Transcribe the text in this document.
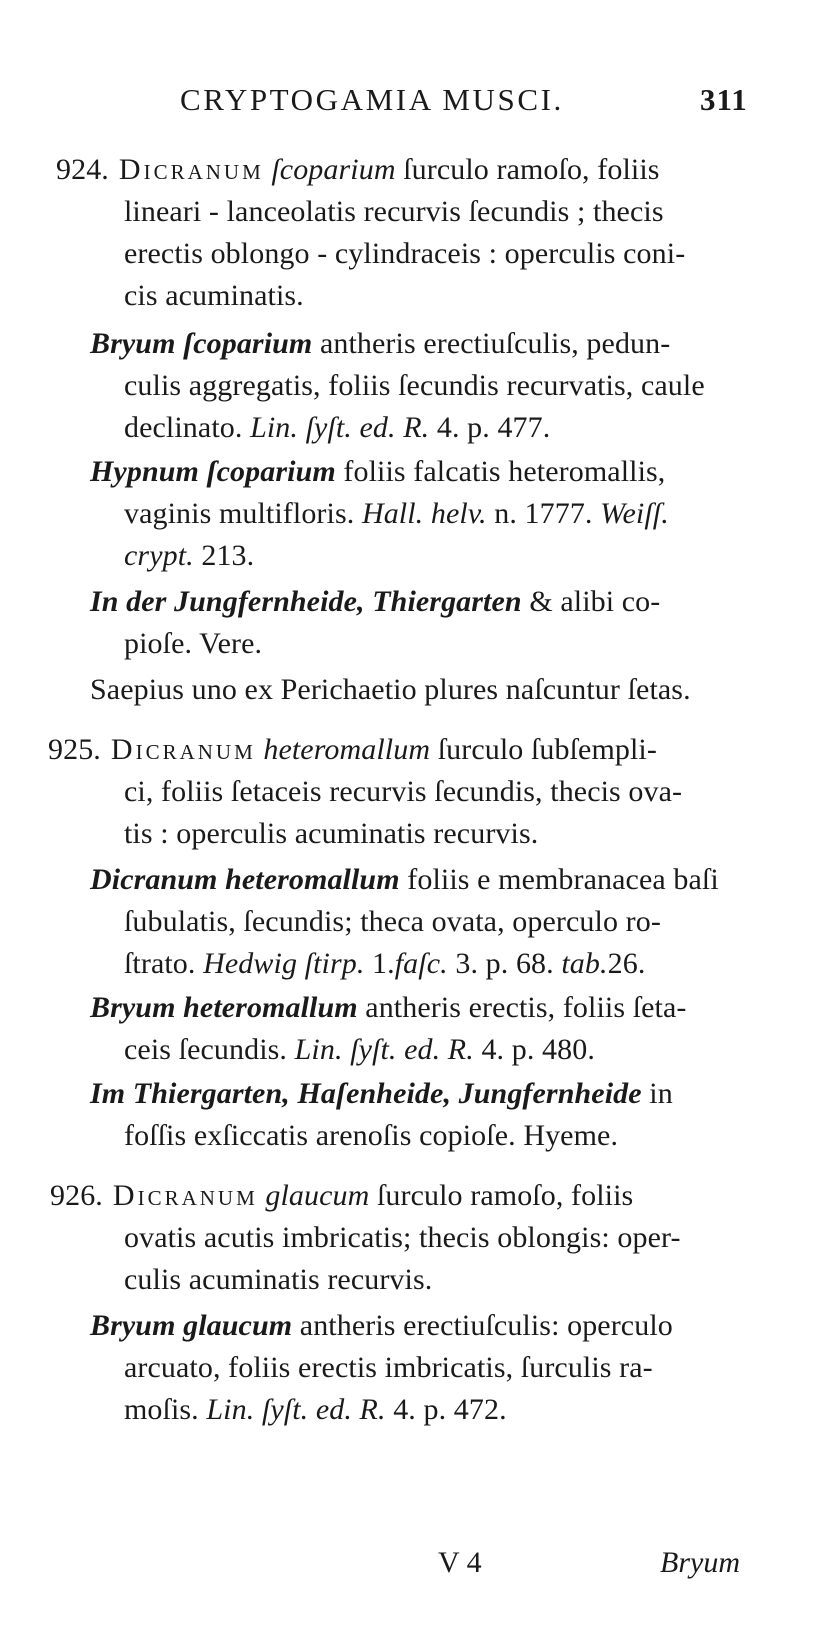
CRYPTOGAMIA MUSCI.	311
924. Dicranum ſcoparium ſurculo ramoſo, foliis
lineari - lanceolatis recurvis ſecundis ; thecis
erectis oblongo - cylindraceis : operculis coni-
cis acuminatis.
Bryum ſcoparium antheris erectiuſculis, pedun-
culis aggregatis, foliis ſecundis recurvatis, caule
declinato. Lin. ſyſt. ed. R. 4. p. 477.
Hypnum ſcoparium foliis falcatis heteromallis,
vaginis multifloris. Hall. helv. n. 1777. Weiſſ.
crypt. 213.
In der Jungfernheide, Thiergarten & alibi co-
pioſe. Vere.
Saepius uno ex Perichaetio plures naſcuntur ſetas.
925. Dicranum heteromallum ſurculo ſubſempli-
ci, foliis ſetaceis recurvis ſecundis, thecis ova-
tis : operculis acuminatis recurvis.
Dicranum heteromallum foliis e membranacea baſi
ſubulatis, ſecundis; theca ovata, operculo ro-
ſtrato. Hedwig ſtirp. 1.faſc. 3. p. 68. tab.26.
Bryum heteromallum antheris erectis, foliis ſeta-
ceis ſecundis. Lin. ſyſt. ed. R. 4. p. 480.
Im Thiergarten, Haſenheide, Jungfernheide in
foſſis exſiccatis arenoſis copioſe. Hyeme.
926. Dicranum glaucum ſurculo ramoſo, foliis
ovatis acutis imbricatis; thecis oblongis: oper-
culis acuminatis recurvis.
Bryum glaucum antheris erectiuſculis: operculo
arcuato, foliis erectis imbricatis, ſurculis ra-
moſis. Lin. ſyſt. ed. R. 4. p. 472.
V 4	Bryum
